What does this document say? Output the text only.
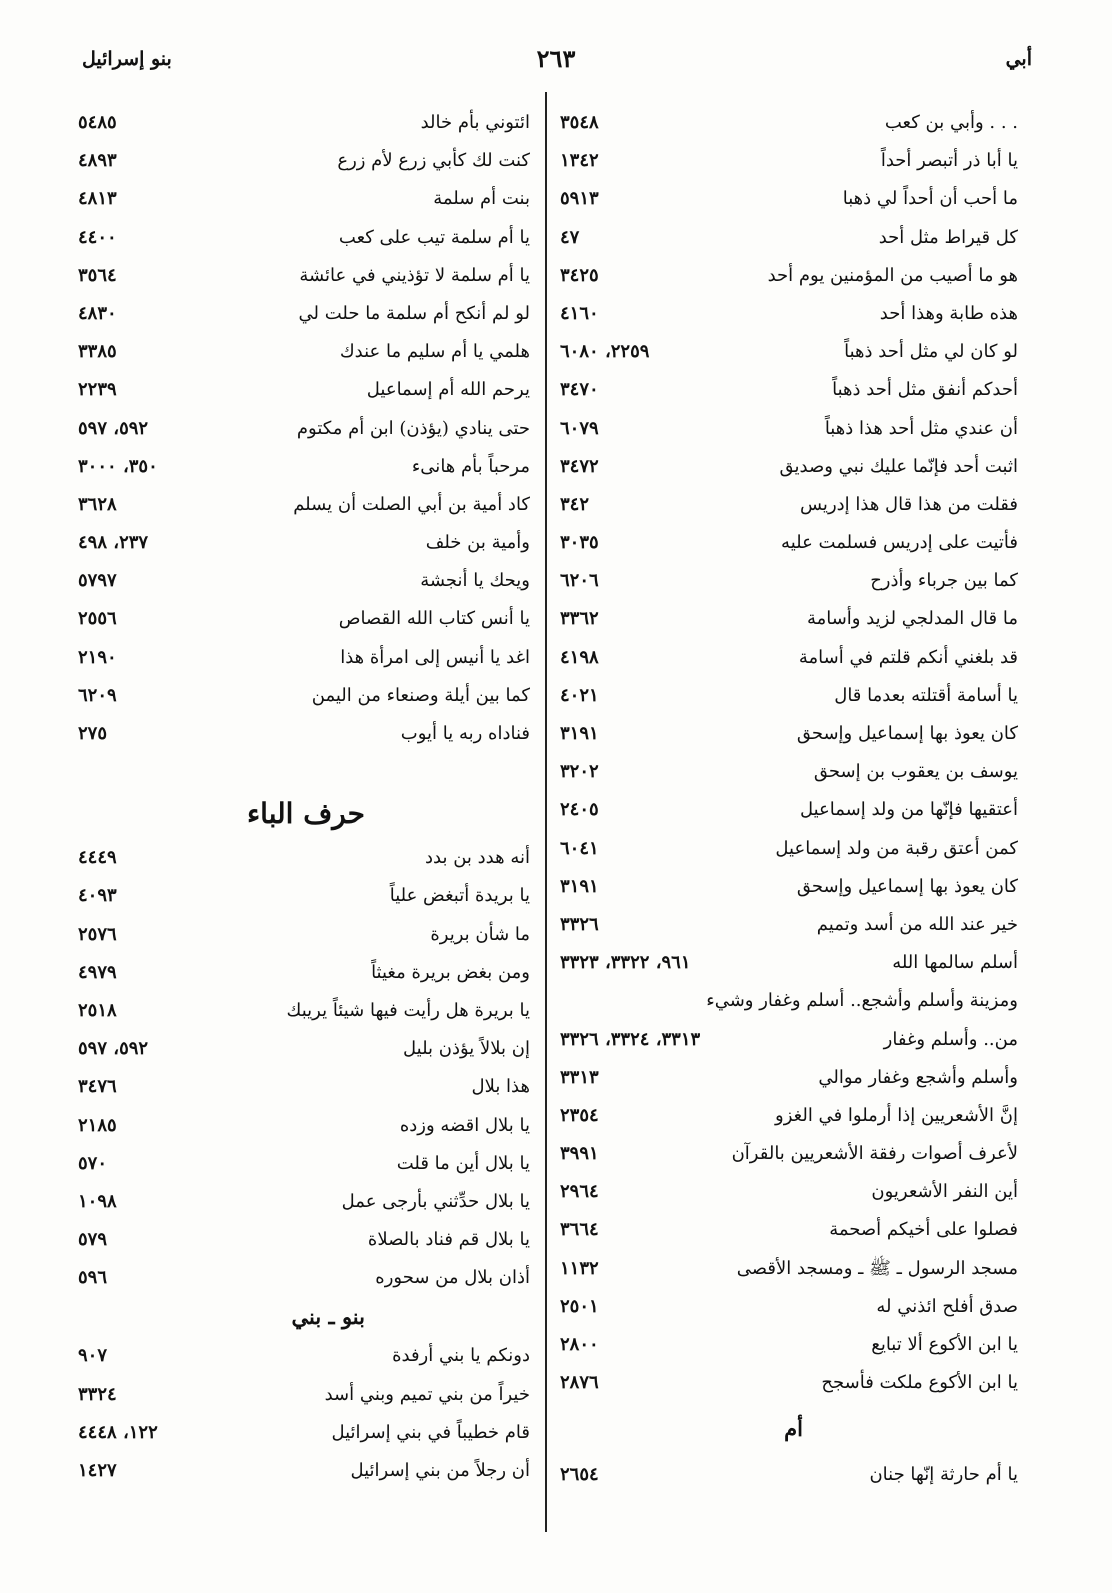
أبي
٢٦٣
بنو إسرائيل
. . . وأبي بن كعب
٣٥٤٨
يا أبا ذر أتبصر أحداً
١٣٤٢
ما أحب أن أحداً لي ذهبا
٥٩١٣
كل قيراط مثل أحد
٤٧
هو ما أصيب من المؤمنين يوم أحد
٣٤٢٥
هذه طابة وهذا أحد
٤١٦٠
لو كان لي مثل أحد ذهباً
٢٢٥٩، ٦٠٨٠
أحدكم أنفق مثل أحد ذهباً
٣٤٧٠
أن عندي مثل أحد هذا ذهباً
٦٠٧٩
اثبت أحد فإنّما عليك نبي وصديق
٣٤٧٢
فقلت من هذا قال هذا إدريس
٣٤٢
فأتيت على إدريس فسلمت عليه
٣٠٣٥
كما بين جرباء وأذرح
٦٢٠٦
ما قال المدلجي لزيد وأسامة
٣٣٦٢
قد بلغني أنكم قلتم في أسامة
٤١٩٨
يا أسامة أقتلته بعدما قال
٤٠٢١
كان يعوذ بها إسماعيل وإسحق
٣١٩١
يوسف بن يعقوب بن إسحق
٣٢٠٢
أعتقيها فإنّها من ولد إسماعيل
٢٤٠٥
كمن أعتق رقبة من ولد إسماعيل
٦٠٤١
كان يعوذ بها إسماعيل وإسحق
٣١٩١
خير عند الله من أسد وتميم
٣٣٢٦
أسلم سالمها الله
٩٦١، ٣٣٢٢، ٣٣٢٣
ومزينة وأسلم وأشجع.. أسلم وغفار وشيء
من.. وأسلم وغفار
٣٣١٣، ٣٣٢٤، ٣٣٢٦
وأسلم وأشجع وغفار موالي
٣٣١٣
إنَّ الأشعريين إذا أرملوا في الغزو
٢٣٥٤
لأعرف أصوات رفقة الأشعريين بالقرآن
٣٩٩١
أين النفر الأشعريون
٢٩٦٤
فصلوا على أخيكم أصحمة
٣٦٦٤
مسجد الرسول ـ ﷺ ـ ومسجد الأقصى
١١٣٢
صدق أفلح ائذني له
٢٥٠١
يا ابن الأكوع ألا تبايع
٢٨٠٠
يا ابن الأكوع ملكت فأسجح
٢٨٧٦
أم
يا أم حارثة إنّها جنان
٢٦٥٤
ائتوني بأم خالد
٥٤٨٥
كنت لك كأبي زرع لأم زرع
٤٨٩٣
بنت أم سلمة
٤٨١٣
يا أم سلمة تيب على كعب
٤٤٠٠
يا أم سلمة لا تؤذيني في عائشة
٣٥٦٤
لو لم أنكح أم سلمة ما حلت لي
٤٨٣٠
هلمي يا أم سليم ما عندك
٣٣٨٥
يرحم الله أم إسماعيل
٢٢٣٩
حتى ينادي (يؤذن) ابن أم مكتوم
٥٩٢، ٥٩٧
مرحباً بأم هانىء
٣٥٠، ٣٠٠٠
كاد أمية بن أبي الصلت أن يسلم
٣٦٢٨
وأمية بن خلف
٢٣٧، ٤٩٨
ويحك يا أنجشة
٥٧٩٧
يا أنس كتاب الله القصاص
٢٥٥٦
اغد يا أنيس إلى امرأة هذا
٢١٩٠
كما بين أيلة وصنعاء من اليمن
٦٢٠٩
فناداه ربه يا أيوب
٢٧٥
حرف الباء
أنه هدد بن بدد
٤٤٤٩
يا بريدة أتبغض علياً
٤٠٩٣
ما شأن بريرة
٢٥٧٦
ومن بغض بريرة مغيثاً
٤٩٧٩
يا بريرة هل رأيت فيها شيئاً يريبك
٢٥١٨
إن بلالاً يؤذن بليل
٥٩٢، ٥٩٧
هذا بلال
٣٤٧٦
يا بلال اقضه وزده
٢١٨٥
يا بلال أين ما قلت
٥٧٠
يا بلال حدِّثني بأرجى عمل
١٠٩٨
يا بلال قم فناد بالصلاة
٥٧٩
أذان بلال من سحوره
٥٩٦
بنو ـ بني
دونكم يا بني أرفدة
٩٠٧
خيراً من بني تميم وبني أسد
٣٣٢٤
قام خطيباً في بني إسرائيل
١٢٢، ٤٤٤٨
أن رجلاً من بني إسرائيل
١٤٢٧
